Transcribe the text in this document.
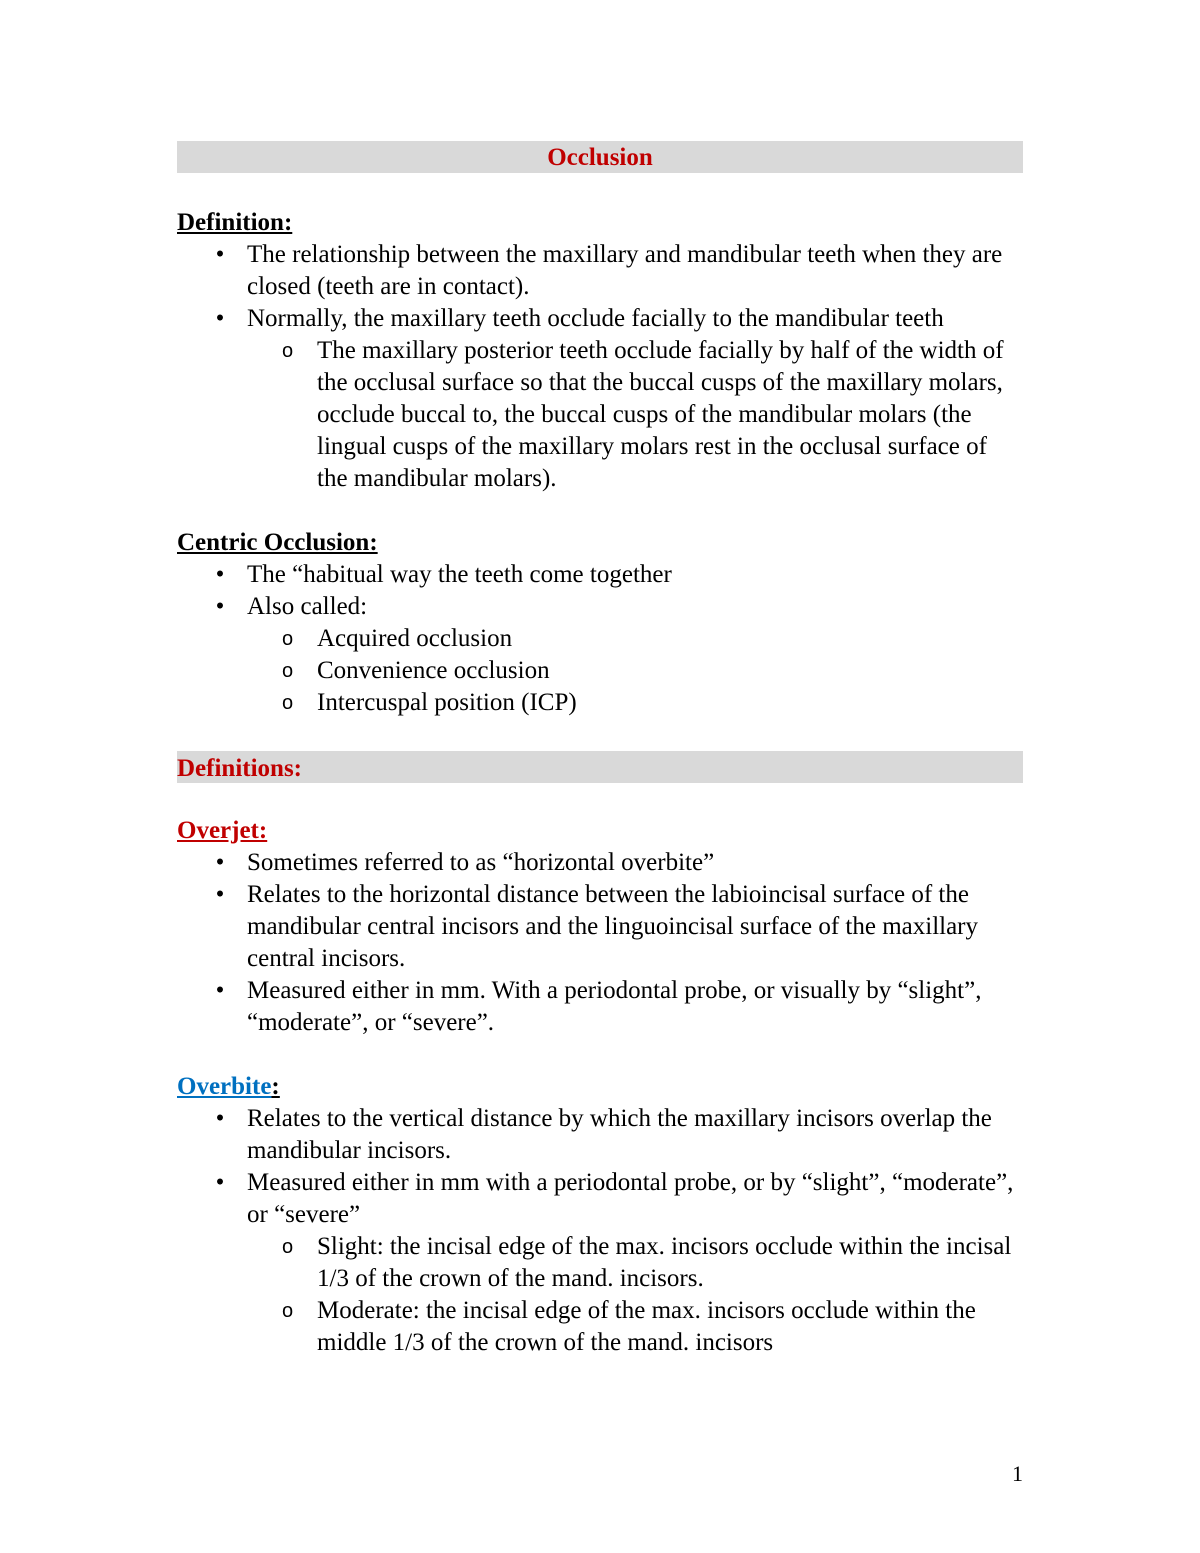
Occlusion
Definition:
• The relationship between the maxillary and mandibular teeth when they are closed (teeth are in contact).
• Normally, the maxillary teeth occlude facially to the mandibular teeth
o The maxillary posterior teeth occlude facially by half of the width of the occlusal surface so that the buccal cusps of the maxillary molars, occlude buccal to, the buccal cusps of the mandibular molars (the lingual cusps of the maxillary molars rest in the occlusal surface of the mandibular molars).
Centric Occlusion:
• The “habitual way the teeth come together
• Also called:
o Acquired occlusion
o Convenience occlusion
o Intercuspal position (ICP)
Definitions:
Overjet:
• Sometimes referred to as “horizontal overbite”
• Relates to the horizontal distance between the labioincisal surface of the mandibular central incisors and the linguoincisal surface of the maxillary central incisors.
• Measured either in mm. With a periodontal probe, or visually by “slight”, “moderate”, or “severe”.
Overbite:
• Relates to the vertical distance by which the maxillary incisors overlap the mandibular incisors.
• Measured either in mm with a periodontal probe, or by “slight”, “moderate”, or “severe”
o Slight: the incisal edge of the max. incisors occlude within the incisal 1/3 of the crown of the mand. incisors.
o Moderate: the incisal edge of the max. incisors occlude within the middle 1/3 of the crown of the mand. incisors
1
